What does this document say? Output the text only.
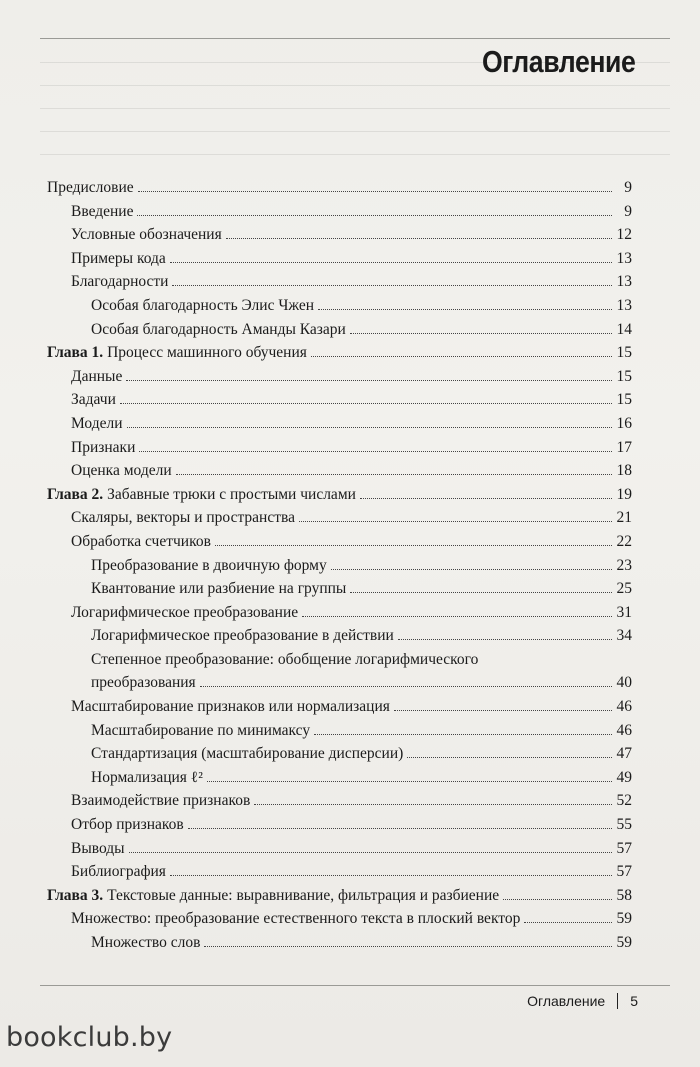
Оглавление
Предисловие	9
Введение	9
Условные обозначения	12
Примеры кода	13
Благодарности	13
Особая благодарность Элис Чжен	13
Особая благодарность Аманды Казари	14
Глава 1. Процесс машинного обучения	15
Данные	15
Задачи	15
Модели	16
Признаки	17
Оценка модели	18
Глава 2. Забавные трюки с простыми числами	19
Скаляры, векторы и пространства	21
Обработка счетчиков	22
Преобразование в двоичную форму	23
Квантование или разбиение на группы	25
Логарифмическое преобразование	31
Логарифмическое преобразование в действии	34
Степенное преобразование: обобщение логарифмического
преобразования	40
Масштабирование признаков или нормализация	46
Масштабирование по минимаксу	46
Стандартизация (масштабирование дисперсии)	47
Нормализация ℓ²	49
Взаимодействие признаков	52
Отбор признаков	55
Выводы	57
Библиография	57
Глава 3. Текстовые данные: выравнивание, фильтрация и разбиение	58
Множество: преобразование естественного текста в плоский вектор	59
Множество слов	59
Оглавление 5
bookclub.by
